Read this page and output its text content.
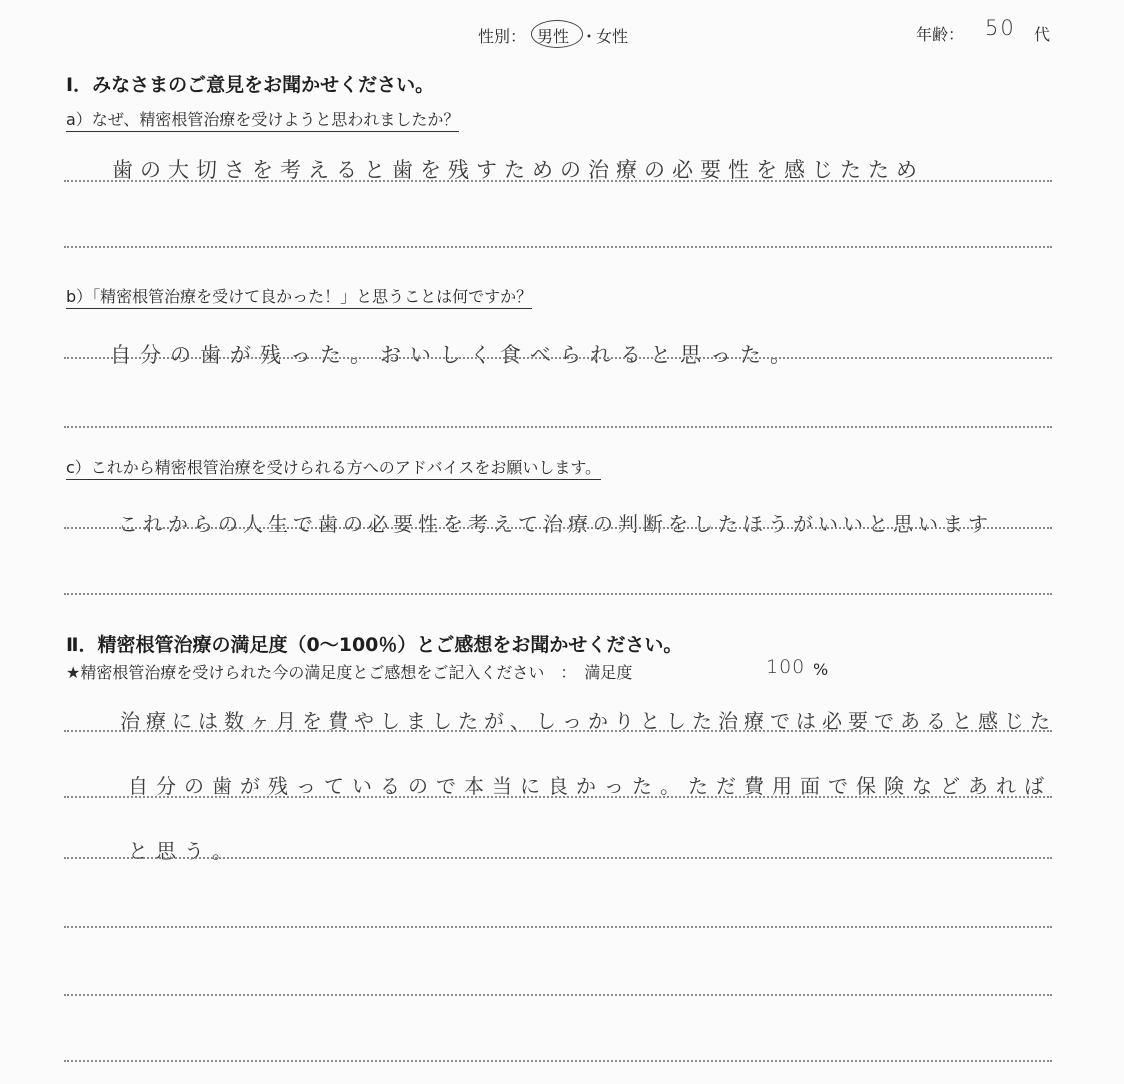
性別： 男性 ・
女性	年齢： 50 代
Ⅰ．みなさまのご意見をお聞かせください。
a）なぜ、精密根管治療を受けようと思われましたか？
歯の大切さを考えると歯を残すための治療の必要性を感じたため
b）「精密根管治療を受けて良かった！」と思うことは何ですか？
自分の歯が残った。おいしく食べられると思った。
c）これから精密根管治療を受けられる方へのアドバイスをお願いします。
これからの人生で歯の必要性を考えて治療の判断をしたほうがいいと思います
Ⅱ．精密根管治療の満足度（0～100％）とご感想をお聞かせください。
★精密根管治療を受けられた今の満足度とご感想をご記入ください　：　満足度	100 %
治療には数ヶ月を費やしましたが、しっかりとした治療では必要であると感じた
自分の歯が残っているので本当に良かった。ただ費用面で保険などあれば
と思う。
